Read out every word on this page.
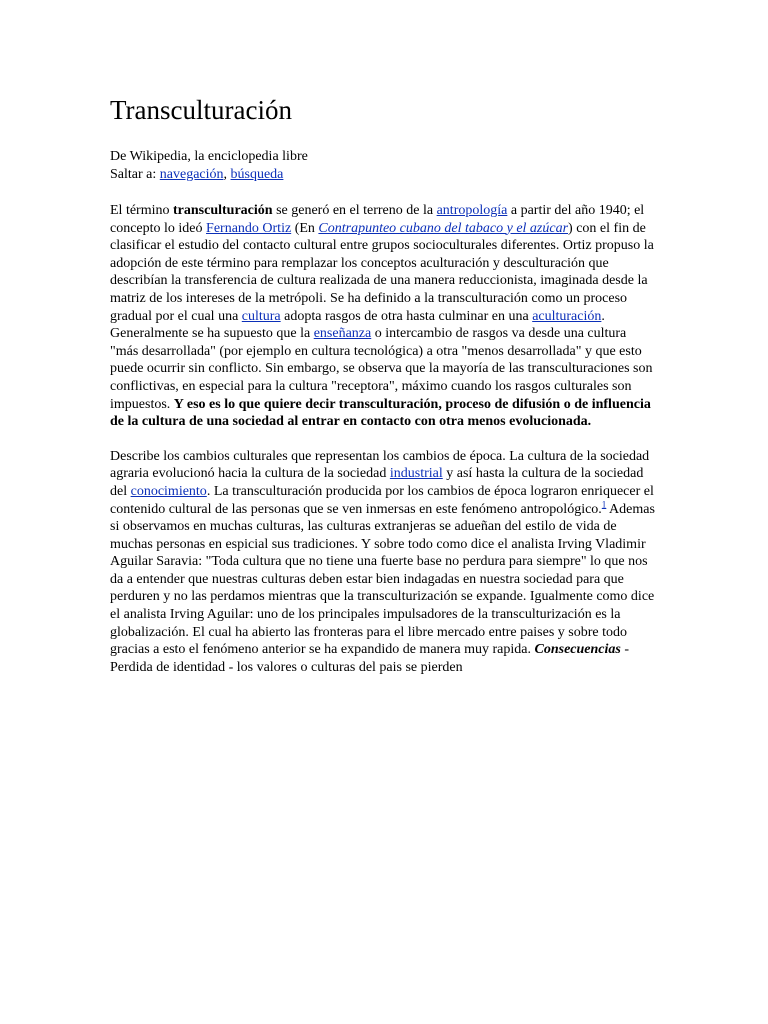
Transculturación
De Wikipedia, la enciclopedia libre
Saltar a: navegación, búsqueda

El término transculturación se generó en el terreno de la antropología a partir del año 1940; el concepto lo ideó Fernando Ortiz (En Contrapunteo cubano del tabaco y el azúcar) con el fin de clasificar el estudio del contacto cultural entre grupos socioculturales diferentes. Ortiz propuso la adopción de este término para remplazar los conceptos aculturación y desculturación que describían la transferencia de cultura realizada de una manera reduccionista, imaginada desde la matriz de los intereses de la metrópoli. Se ha definido a la transculturación como un proceso gradual por el cual una cultura adopta rasgos de otra hasta culminar en una aculturación. Generalmente se ha supuesto que la enseñanza o intercambio de rasgos va desde una cultura "más desarrollada" (por ejemplo en cultura tecnológica) a otra "menos desarrollada" y que esto puede ocurrir sin conflicto. Sin embargo, se observa que la mayoría de las transculturaciones son conflictivas, en especial para la cultura "receptora", máximo cuando los rasgos culturales son impuestos. Y eso es lo que quiere decir transculturación, proceso de difusión o de influencia de la cultura de una sociedad al entrar en contacto con otra menos evolucionada.

Describe los cambios culturales que representan los cambios de época. La cultura de la sociedad agraria evolucionó hacia la cultura de la sociedad industrial y así hasta la cultura de la sociedad del conocimiento. La transculturación producida por los cambios de época lograron enriquecer el contenido cultural de las personas que se ven inmersas en este fenómeno antropológico.$^1$ Ademas si observamos en muchas culturas, las culturas extranjeras se adueñan del estilo de vida de muchas personas en espicial sus tradiciones. Y sobre todo como dice el analista Irving Vladimir Aguilar Saravia: "Toda cultura que no tiene una fuerte base no perdura para siempre" lo que nos da a entender que nuestras culturas deben estar bien indagadas en nuestra sociedad para que perduren y no las perdamos mientras que la transculturización se expande. Igualmente como dice el analista Irving Aguilar: uno de los principales impulsadores de la transculturización es la globalización. El cual ha abierto las fronteras para el libre mercado entre paises y sobre todo gracias a esto el fenómeno anterior se ha expandido de manera muy rapida. Consecuencias - Perdida de identidad - los valores o culturas del pais se pierden
